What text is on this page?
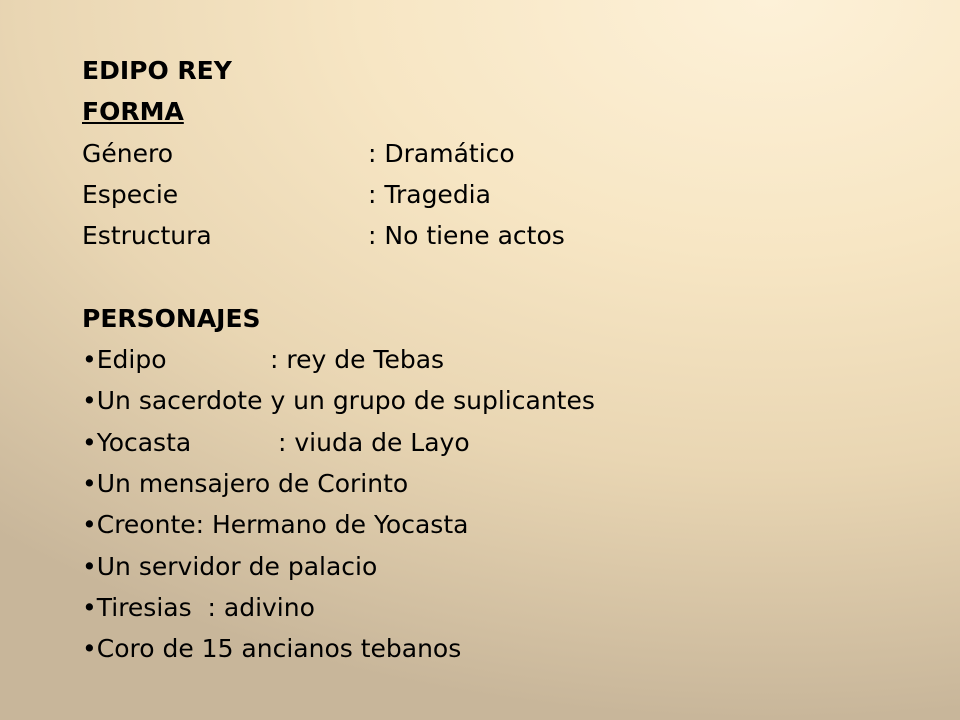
EDIPO REY
FORMA
Género	: Dramático
Especie	: Tragedia
Estructura	: No tiene actos
PERSONAJES
•Edipo	: rey de Tebas
•Un sacerdote y un grupo de suplicantes
•Yocasta	: viuda de Layo
•Un mensajero de Corinto
•Creonte: Hermano de Yocasta
•Un servidor de palacio
•Tiresias  : adivino
•Coro de 15 ancianos tebanos
